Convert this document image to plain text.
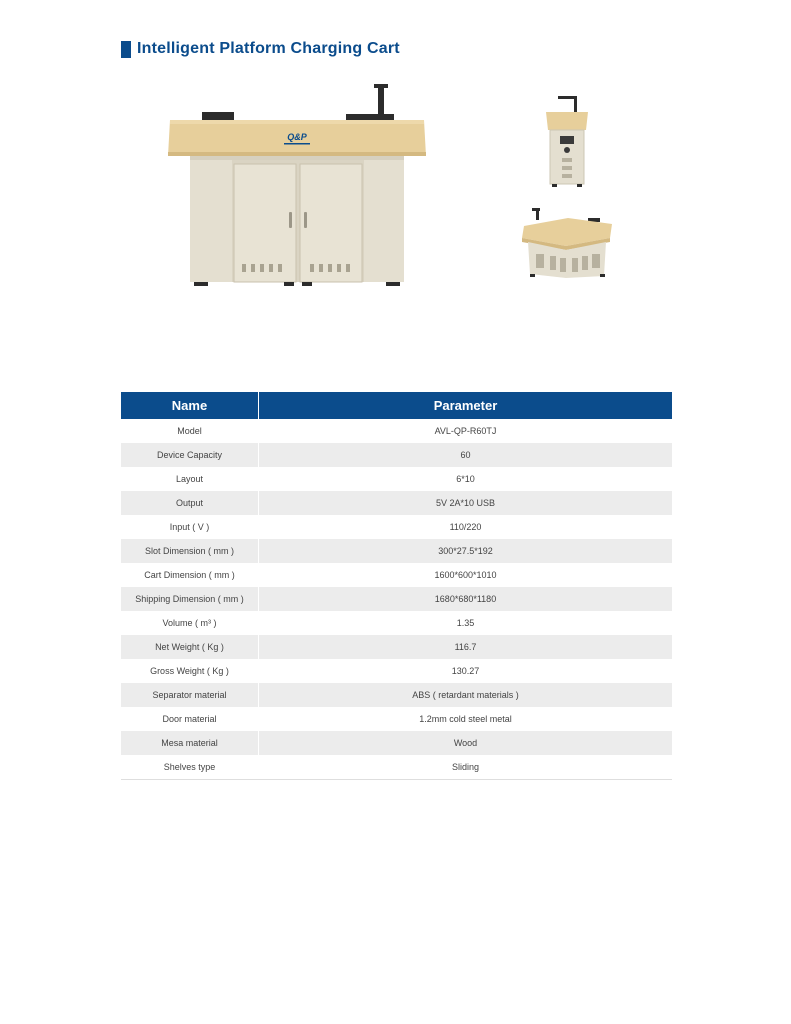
Intelligent Platform Charging Cart
Q&P
Name	Parameter
Model	AVL-QP-R60TJ
Device Capacity	60
Layout	6*10
Output	5V 2A*10 USB
Input ( V )	110/220
Slot Dimension ( mm )	300*27.5*192
Cart Dimension ( mm )	1600*600*1010
Shipping Dimension ( mm )	1680*680*1180
Volume ( m³ )	1.35
Net Weight ( Kg )	116.7
Gross Weight ( Kg )	130.27
Separator material	ABS ( retardant materials )
Door material	1.2mm cold steel metal
Mesa material	Wood
Shelves type	Sliding
